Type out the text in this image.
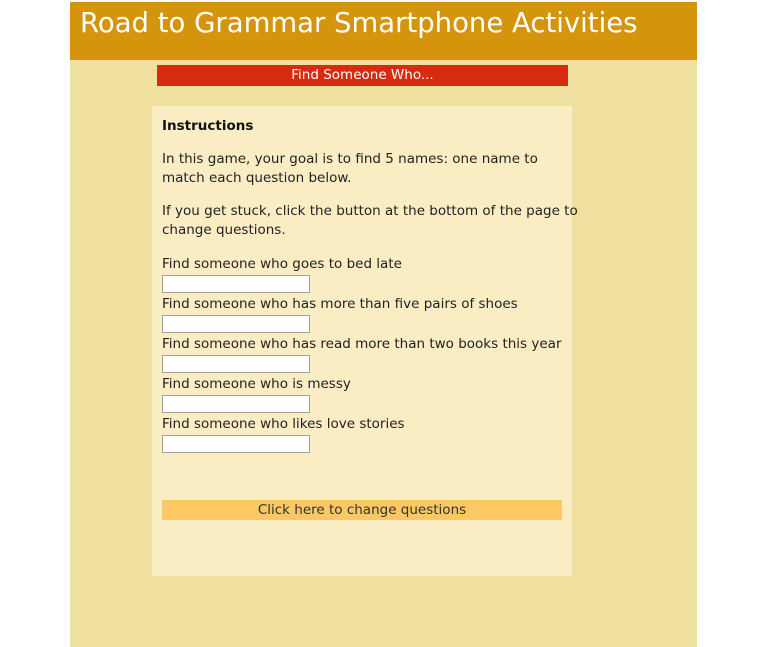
Road to Grammar Smartphone Activities
Find Someone Who...
Instructions
In this game, your goal is to find 5 names: one name to
match each question below.
If you get stuck, click the button at the bottom of the page to
change questions.
Find someone who goes to bed late
Find someone who has more than five pairs of shoes
Find someone who has read more than two books this year
Find someone who is messy
Find someone who likes love stories
Click here to change questions
